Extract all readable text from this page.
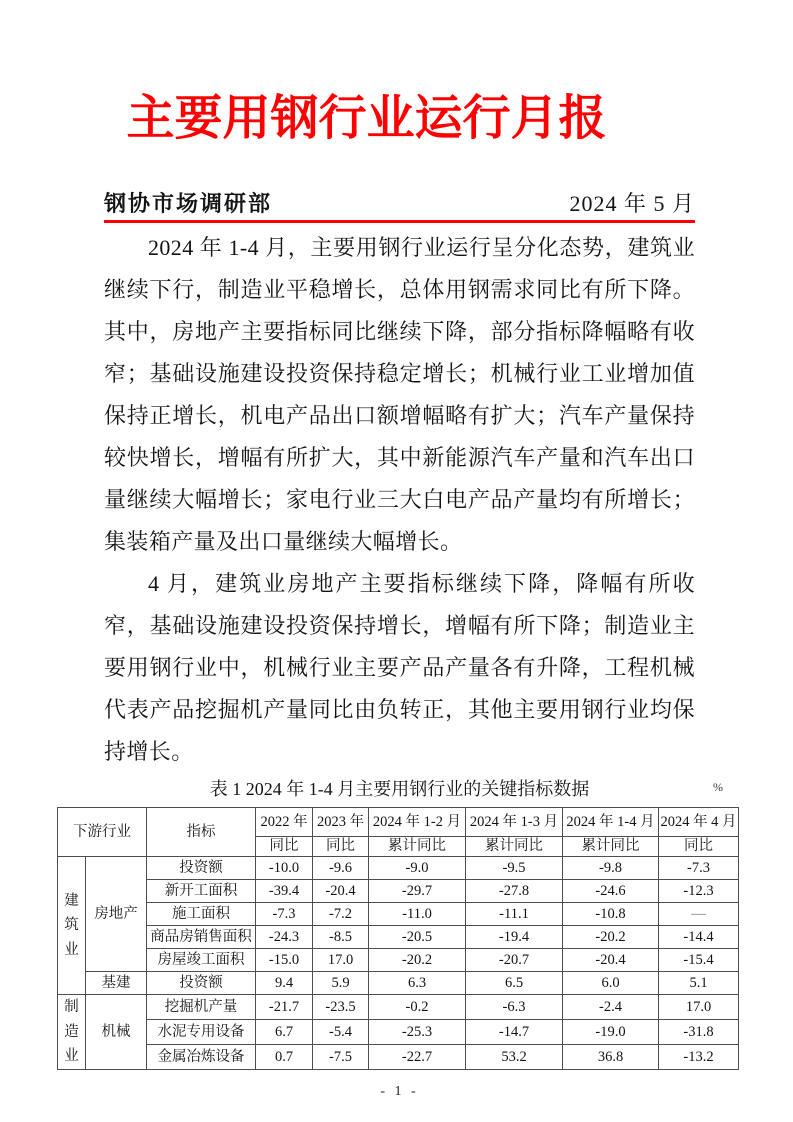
主要用钢行业运行月报
钢协市场调研部	2024 年 5 月

2024 年 1-4 月，主要用钢行业运行呈分化态势，建筑业继续下行，制造业平稳增长，总体用钢需求同比有所下降。其中，房地产主要指标同比继续下降，部分指标降幅略有收窄；基础设施建设投资保持稳定增长；机械行业工业增加值保持正增长，机电产品出口额增幅略有扩大；汽车产量保持较快增长，增幅有所扩大，其中新能源汽车产量和汽车出口量继续大幅增长；家电行业三大白电产品产量均有所增长；集装箱产量及出口量继续大幅增长。

4 月，建筑业房地产主要指标继续下降，降幅有所收窄，基础设施建设投资保持增长，增幅有所下降；制造业主要用钢行业中，机械行业主要产品产量各有升降，工程机械代表产品挖掘机产量同比由负转正，其他主要用钢行业均保持增长。

表 1 2024 年 1-4 月主要用钢行业的关键指标数据	%
下游行业		指标	2022 年	2023 年	2024 年 1-2 月	2024 年 1-3 月	2024 年 1-4 月	2024 年 4 月
			同比	同比	累计同比	累计同比	累计同比	同比
建筑业	房地产	投资额	-10.0	-9.6	-9.0	-9.5	-9.8	-7.3
		新开工面积	-39.4	-20.4	-29.7	-27.8	-24.6	-12.3
		施工面积	-7.3	-7.2	-11.0	-11.1	-10.8	—
		商品房销售面积	-24.3	-8.5	-20.5	-19.4	-20.2	-14.4
		房屋竣工面积	-15.0	17.0	-20.2	-20.7	-20.4	-15.4
	基建	投资额	9.4	5.9	6.3	6.5	6.0	5.1
制造业	机械	挖掘机产量	-21.7	-23.5	-0.2	-6.3	-2.4	17.0
		水泥专用设备	6.7	-5.4	-25.3	-14.7	-19.0	-31.8
		金属冶炼设备	0.7	-7.5	-22.7	53.2	36.8	-13.2
- 1 -
